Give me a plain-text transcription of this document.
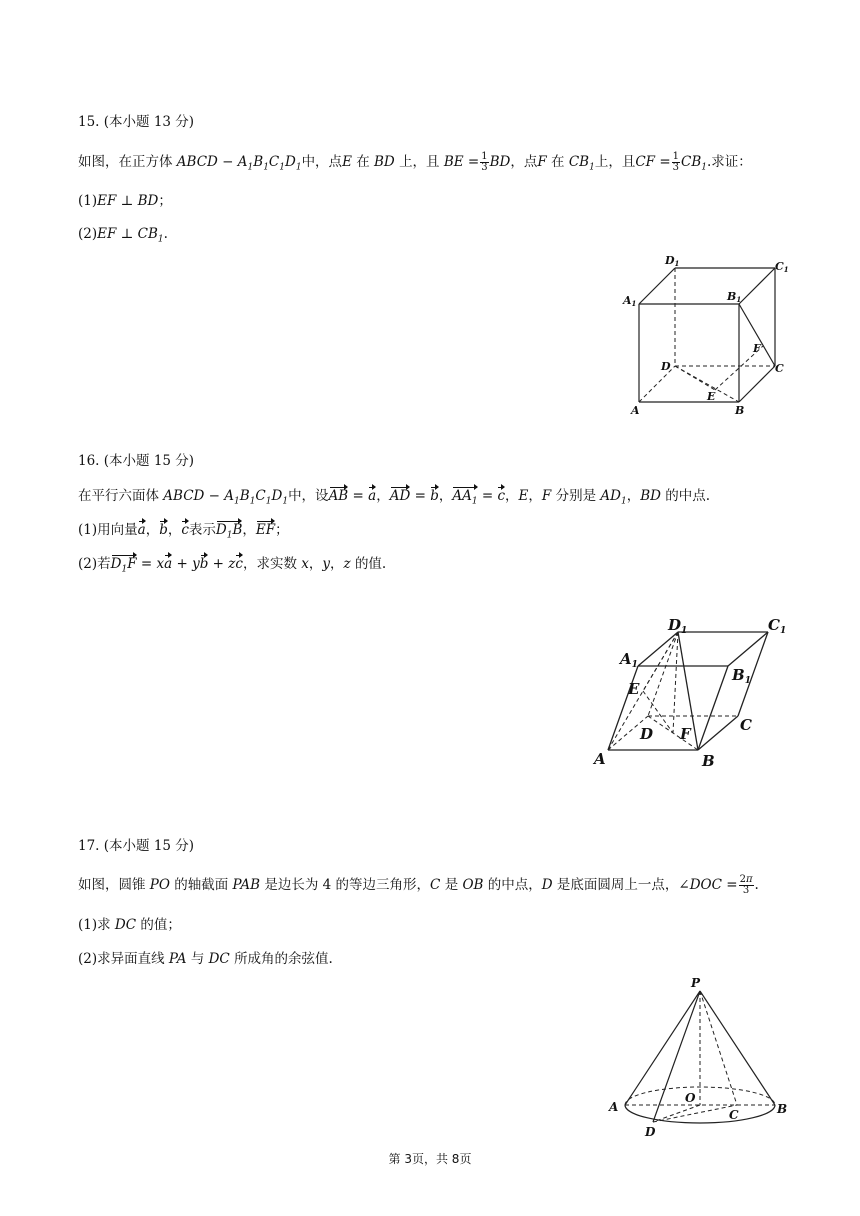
15. (本小题 13 分)
如图，在正方体 ABCD − $A_1B_1C_1D_1$中，点E 在 BD 上，且 BE = $\frac{1}{3}$ BD，点F 在 $CB_1$上，且CF = $\frac{1}{3} CB_1$.求证：
(1)EF ⊥ BD；
(2)EF ⊥ $CB_1$.
D1	C1
A1
B1
F
D	C
E
A	B
16. (本小题 15 分)
在平行六面体 ABCD − $A_1B_1C_1D_1$中，设AB = a，AD = b，$AA_1 = c$，E，F 分别是 $AD_1$，BD 的中点.
(1)用向量a，b，c表示$D_1B$，EF；
(2)若$D_1F$ = xa + yb + zc，求实数 x，y，z 的值.
$D_1$	$C_1$
$A_1$
$B_1$
E
D F	C
A	B
17. (本小题 15 分)
如图，圆锥 PO 的轴截面 PAB 是边长为 4 的等边三角形，C 是 OB 的中点，D 是底面圆周上一点，∠DOC = $\frac{2\pi}{3}$ .
(1)求 DC 的值；
(2)求异面直线 PA 与 DC 所成角的余弦值.
P
A	B
O
C
D
第 3页，共 8页
